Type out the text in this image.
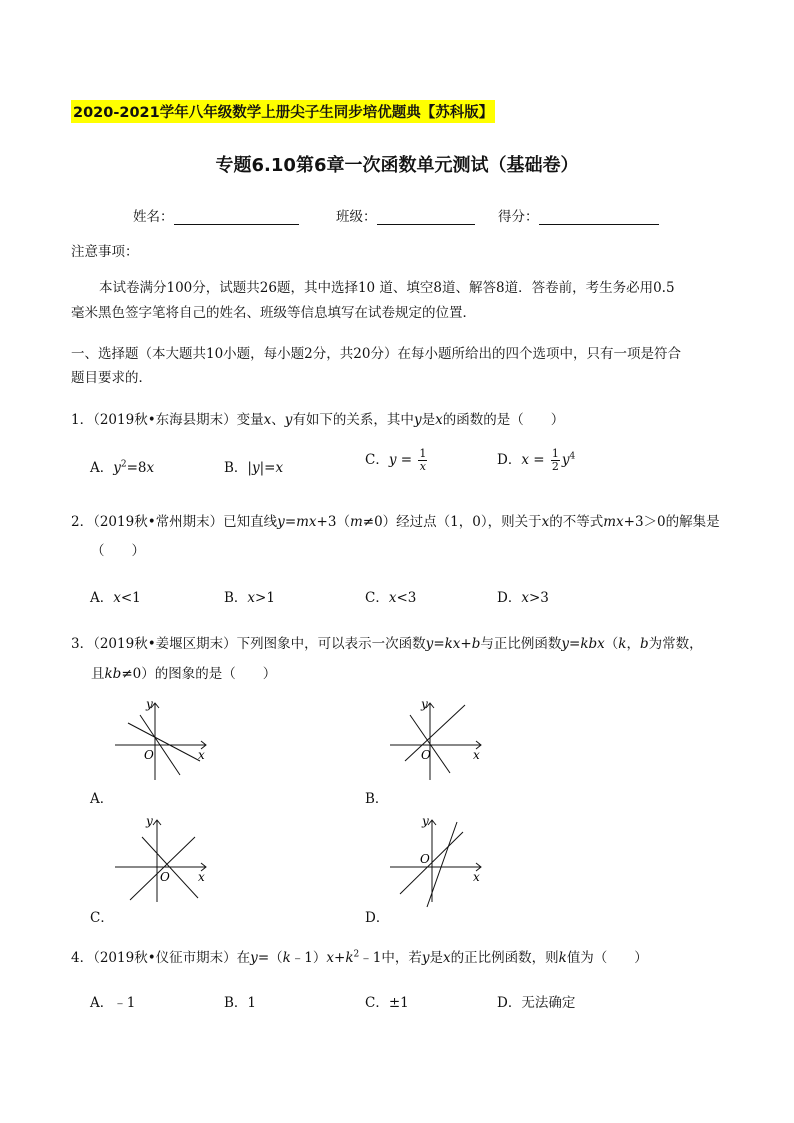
2020-2021学年八年级数学上册尖子生同步培优题典【苏科版】
专题6.10第6章一次函数单元测试（基础卷）
姓名：	班级：	得分：
注意事项：
本试卷满分100分，试题共26题，其中选择10 道、填空8道、解答8道．答卷前，考生务必用0.5
毫米黑色签字笔将自己的姓名、班级等信息填写在试卷规定的位置．
一、选择题（本大题共10小题，每小题2分，共20分）在每小题所给出的四个选项中，只有一项是符合
题目要求的．
1．（2019秋•东海县期末）变量x、y有如下的关系，其中y是x的函数的是（　　）
A．$y^2=8x$	B．|y|=x	C．$y = \frac{1}{x}$	D．$x = \frac{1}{2} y^4$
2．（2019秋•常州期末）已知直线y=mx+3（m≠0）经过点（1，0），则关于x的不等式mx+3＞0的解集是
（　　）
A．x<1	B．x>1	C．x<3	D．x>3
3．（2019秋•姜堰区期末）下列图象中，可以表示一次函数y=kx+b与正比例函数y=kbx（k，b为常数，
且kb≠0）的图象的是（　　）
y
O	x
A．
y
O	x
B．
y
O x
C．
y
O
x
D．
4．（2019秋•仪征市期末）在$y=(k﹣1)x+k^2﹣1$中，若y是x的正比例函数，则k值为（　　）
A．﹣1	B．1	C．±1	D．无法确定
